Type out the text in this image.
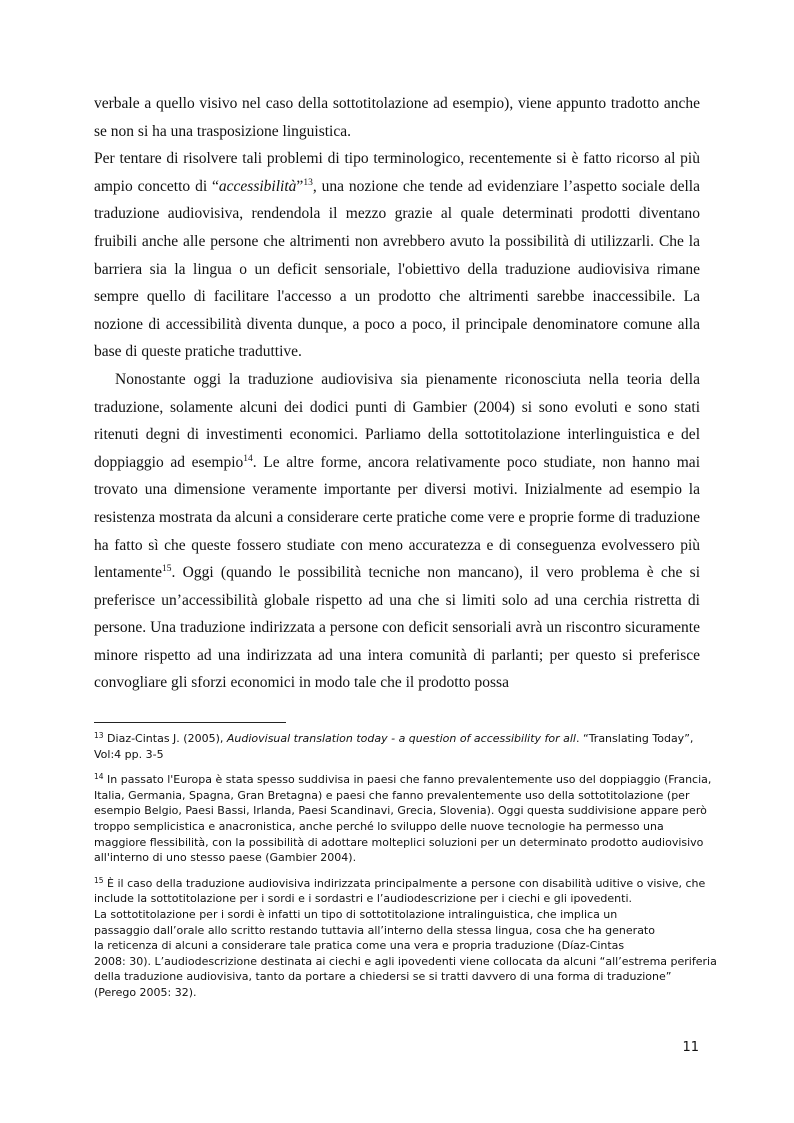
verbale a quello visivo nel caso della sottotitolazione ad esempio), viene appunto tradotto anche se non si ha una trasposizione linguistica.

Per tentare di risolvere tali problemi di tipo terminologico, recentemente si è fatto ricorso al più ampio concetto di “accessibilità”$^{13}$, una nozione che tende ad evidenziare l’aspetto sociale della traduzione audiovisiva, rendendola il mezzo grazie al quale determinati prodotti diventano fruibili anche alle persone che altrimenti non avrebbero avuto la possibilità di utilizzarli. Che la barriera sia la lingua o un deficit sensoriale, l'obiettivo della traduzione audiovisiva rimane sempre quello di facilitare l'accesso a un prodotto che altrimenti sarebbe inaccessibile. La nozione di accessibilità diventa dunque, a poco a poco, il principale denominatore comune alla base di queste pratiche traduttive.

Nonostante oggi la traduzione audiovisiva sia pienamente riconosciuta nella teoria della traduzione, solamente alcuni dei dodici punti di Gambier (2004) si sono evoluti e sono stati ritenuti degni di investimenti economici. Parliamo della sottotitolazione interlinguistica e del doppiaggio ad esempio$^{14}$. Le altre forme, ancora relativamente poco studiate, non hanno mai trovato una dimensione veramente importante per diversi motivi. Inizialmente ad esempio la resistenza mostrata da alcuni a considerare certe pratiche come vere e proprie forme di traduzione ha fatto sì che queste fossero studiate con meno accuratezza e di conseguenza evolvessero più lentamente$^{15}$. Oggi (quando le possibilità tecniche non mancano), il vero problema è che si preferisce un’accessibilità globale rispetto ad una che si limiti solo ad una cerchia ristretta di persone. Una traduzione indirizzata a persone con deficit sensoriali avrà un riscontro sicuramente minore rispetto ad una indirizzata ad una intera comunità di parlanti; per questo si preferisce convogliare gli sforzi economici in modo tale che il prodotto possa

$^{13}$ Diaz-Cintas J. (2005), Audiovisual translation today - a question of accessibility for all. “Translating Today”,
Vol:4 pp. 3-5
$^{14}$ In passato l'Europa è stata spesso suddivisa in paesi che fanno prevalentemente uso del doppiaggio (Francia,
Italia, Germania, Spagna, Gran Bretagna) e paesi che fanno prevalentemente uso della sottotitolazione (per
esempio Belgio, Paesi Bassi, Irlanda, Paesi Scandinavi, Grecia, Slovenia). Oggi questa suddivisione appare però
troppo semplicistica e anacronistica, anche perché lo sviluppo delle nuove tecnologie ha permesso una
maggiore flessibilità, con la possibilità di adottare molteplici soluzioni per un determinato prodotto audiovisivo
all'interno di uno stesso paese (Gambier 2004).
$^{15}$ È il caso della traduzione audiovisiva indirizzata principalmente a persone con disabilità uditive o visive, che
include la sottotitolazione per i sordi e i sordastri e l’audiodescrizione per i ciechi e gli ipovedenti.
La sottotitolazione per i sordi è infatti un tipo di sottotitolazione intralinguistica, che implica un
passaggio dall’orale allo scritto restando tuttavia all’interno della stessa lingua, cosa che ha generato
la reticenza di alcuni a considerare tale pratica come una vera e propria traduzione (Díaz-Cintas
2008: 30). L’audiodescrizione destinata ai ciechi e agli ipovedenti viene collocata da alcuni “all’estrema periferia
della traduzione audiovisiva, tanto da portare a chiedersi se si tratti davvero di una forma di traduzione”
(Perego 2005: 32).
11
